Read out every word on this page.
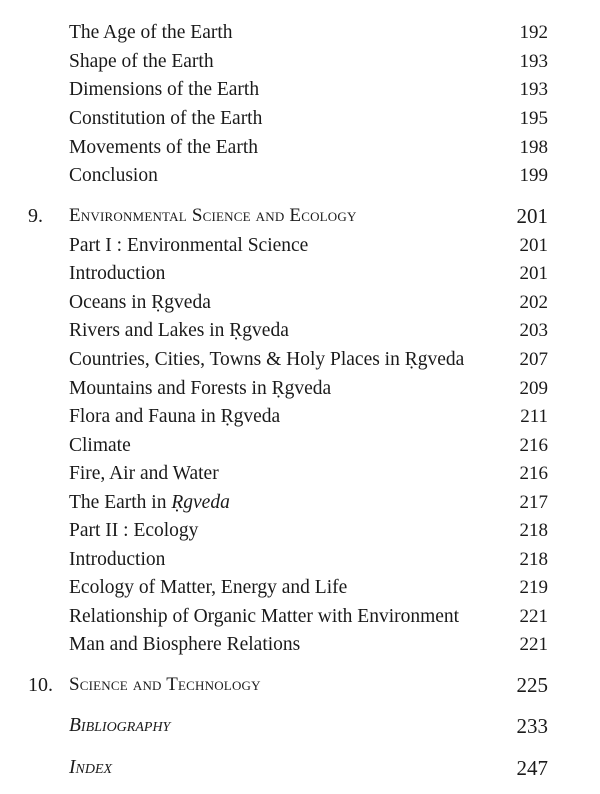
The Age of the Earth	192
Shape of the Earth	193
Dimensions of the Earth	193
Constitution of the Earth	195
Movements of the Earth	198
Conclusion	199
9. Environmental Science and Ecology	201
Part I : Environmental Science	201
Introduction	201
Oceans in Ṛgveda	202
Rivers and Lakes in Ṛgveda	203
Countries, Cities, Towns & Holy Places in Ṛgveda	207
Mountains and Forests in Ṛgveda	209
Flora and Fauna in Ṛgveda	211
Climate	216
Fire, Air and Water	216
The Earth in Ṛgveda	217
Part II : Ecology	218
Introduction	218
Ecology of Matter, Energy and Life	219
Relationship of Organic Matter with Environment	221
Man and Biosphere Relations	221
10. Science and Technology	225
Bibliography	233
Index	247
